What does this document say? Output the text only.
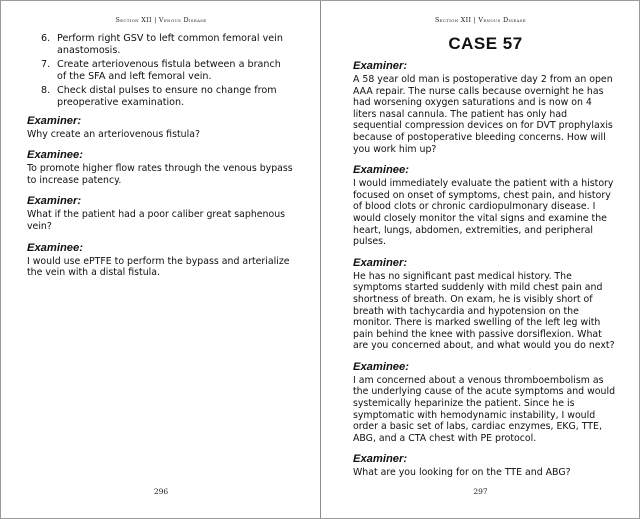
Section XII | Venous Disease
6. Perform right GSV to left common femoral vein anastomosis.
7. Create arteriovenous fistula between a branch of the SFA and left femoral vein.
8. Check distal pulses to ensure no change from preoperative examination.
Examiner:
Why create an arteriovenous fistula?
Examinee:
To promote higher flow rates through the venous bypass to increase patency.
Examiner:
What if the patient had a poor caliber great saphenous vein?
Examinee:
I would use ePTFE to perform the bypass and arterialize the vein with a distal fistula.
296
Section XII | Venous Disease
CASE 57
Examiner:
A 58 year old man is postoperative day 2 from an open AAA repair. The nurse calls because overnight he has had worsening oxygen saturations and is now on 4 liters nasal cannula. The patient has only had sequential compression devices on for DVT prophylaxis because of postoperative bleeding concerns. How will you work him up?
Examinee:
I would immediately evaluate the patient with a history focused on onset of symptoms, chest pain, and history of blood clots or chronic cardiopulmonary disease. I would closely monitor the vital signs and examine the heart, lungs, abdomen, extremities, and peripheral pulses.
Examiner:
He has no significant past medical history. The symptoms started suddenly with mild chest pain and shortness of breath. On exam, he is visibly short of breath with tachycardia and hypotension on the monitor. There is marked swelling of the left leg with pain behind the knee with passive dorsiflexion. What are you concerned about, and what would you do next?
Examinee:
I am concerned about a venous thromboembolism as the underlying cause of the acute symptoms and would systemically heparinize the patient. Since he is symptomatic with hemodynamic instability, I would order a basic set of labs, cardiac enzymes, EKG, TTE, ABG, and a CTA chest with PE protocol.
Examiner:
What are you looking for on the TTE and ABG?
297
